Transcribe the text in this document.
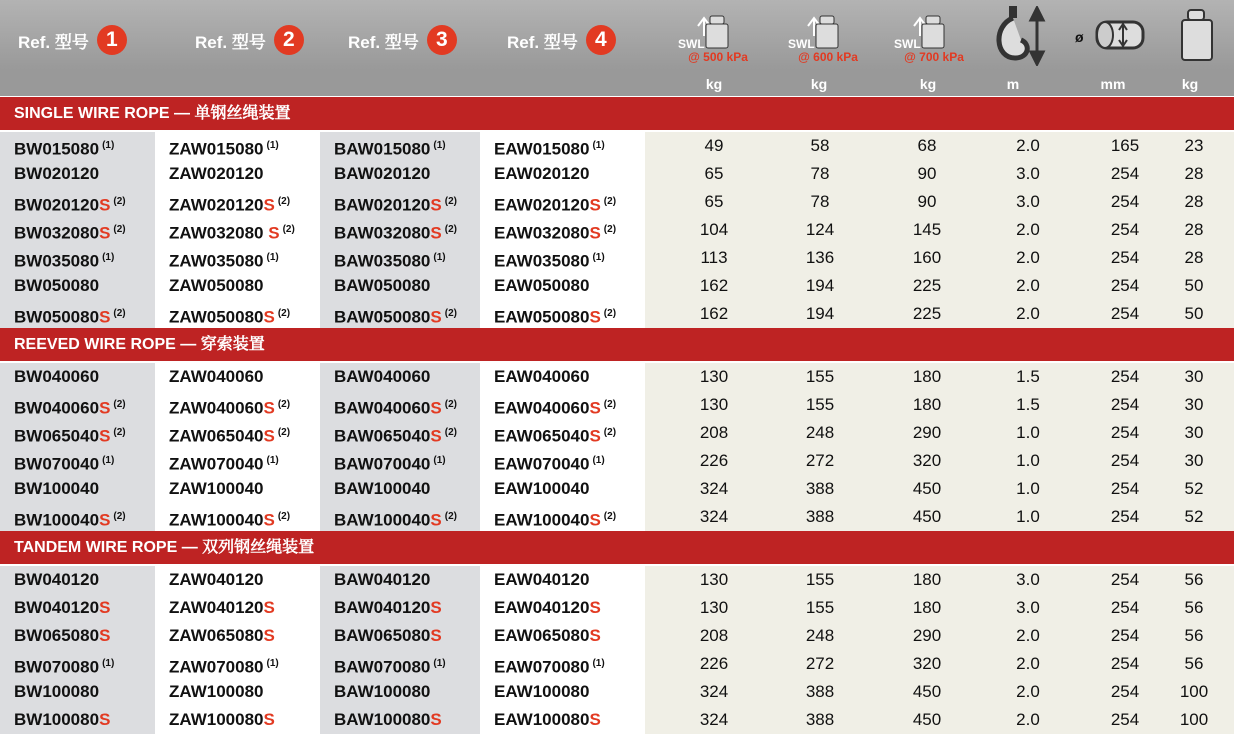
Ref. 型号 1	Ref. 型号 2	Ref. 型号 3	Ref. 型号 4	SWL
@ 500 kPa
SWL
@ 600 kPa
SWL
@ 700 kPa
ø
kg	kg	kg	m	mm	kg
SINGLE WIRE ROPE — 单钢丝绳装置
BW015080 $^{(1)}$	ZAW015080 $^{(1)}$	BAW015080 $^{(1)}$	EAW015080 $^{(1)}$	49	58	68	2.0	165	23
BW020120	ZAW020120	BAW020120	EAW020120	65	78	90	3.0	254	28
BW020120S $^{(2)}$	ZAW020120S $^{(2)}$	BAW020120S $^{(2)}$	EAW020120S $^{(2)}$	65	78	90	3.0	254	28
BW032080S $^{(2)}$	ZAW032080 S $^{(2)}$	BAW032080S $^{(2)}$	EAW032080S $^{(2)}$	104	124	145	2.0	254	28
BW035080 $^{(1)}$	ZAW035080 $^{(1)}$	BAW035080 $^{(1)}$	EAW035080 $^{(1)}$	113	136	160	2.0	254	28
BW050080	ZAW050080	BAW050080	EAW050080	162	194	225	2.0	254	50
BW050080S $^{(2)}$	ZAW050080S $^{(2)}$	BAW050080S $^{(2)}$	EAW050080S $^{(2)}$	162	194	225	2.0	254	50
REEVED WIRE ROPE — 穿索装置
BW040060	ZAW040060	BAW040060	EAW040060	130	155	180	1.5	254	30
BW040060S $^{(2)}$	ZAW040060S $^{(2)}$	BAW040060S $^{(2)}$	EAW040060S $^{(2)}$	130	155	180	1.5	254	30
BW065040S $^{(2)}$	ZAW065040S $^{(2)}$	BAW065040S $^{(2)}$	EAW065040S $^{(2)}$	208	248	290	1.0	254	30
BW070040 $^{(1)}$	ZAW070040 $^{(1)}$	BAW070040 $^{(1)}$	EAW070040 $^{(1)}$	226	272	320	1.0	254	30
BW100040	ZAW100040	BAW100040	EAW100040	324	388	450	1.0	254	52
BW100040S $^{(2)}$	ZAW100040S $^{(2)}$	BAW100040S $^{(2)}$	EAW100040S $^{(2)}$	324	388	450	1.0	254	52
TANDEM WIRE ROPE — 双列钢丝绳装置
BW040120	ZAW040120	BAW040120	EAW040120	130	155	180	3.0	254	56
BW040120S	ZAW040120S	BAW040120S	EAW040120S	130	155	180	3.0	254	56
BW065080S	ZAW065080S	BAW065080S	EAW065080S	208	248	290	2.0	254	56
BW070080 $^{(1)}$	ZAW070080 $^{(1)}$	BAW070080 $^{(1)}$	EAW070080 $^{(1)}$	226	272	320	2.0	254	56
BW100080	ZAW100080	BAW100080	EAW100080	324	388	450	2.0	254	100
BW100080S	ZAW100080S	BAW100080S	EAW100080S	324	388	450	2.0	254	100
